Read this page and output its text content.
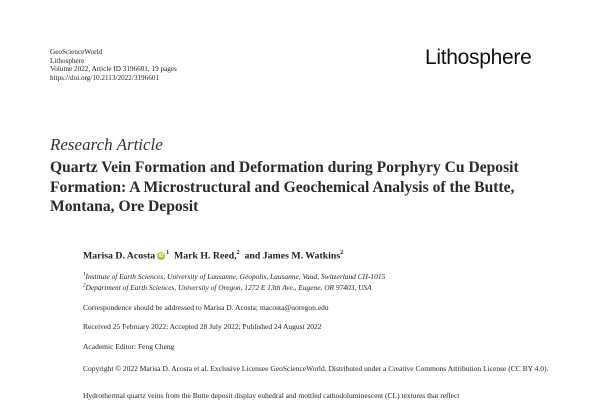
GeoScienceWorld
Lithosphere
Volume 2022, Article ID 3196601, 19 pages
https://doi.org/10.2113/2022/3196601
Lithosphere
Research Article
Quartz Vein Formation and Deformation during Porphyry Cu Deposit Formation: A Microstructural and Geochemical Analysis of the Butte, Montana, Ore Deposit
Marisa D. Acosta $iD^1$ Mark H. Reed,$^2$ and James M. Watkins$^2$
$^1$Institute of Earth Sciences, University of Lausanne, Géopolis, Lausanne, Vaud, Switzerland CH-1015
$^2$Department of Earth Sciences, University of Oregon, 1272 E 13th Ave., Eugene, OR 97403, USA
Correspondence should be addressed to Marisa D. Acosta; macosta@uoregon.edu
Received 25 February 2022; Accepted 28 July 2022; Published 24 August 2022
Academic Editor: Feng Cheng
Copyright © 2022 Marisa D. Acosta et al. Exclusive Licensee GeoScienceWorld. Distributed under a Creative Commons Attribution License (CC BY 4.0).
Hydrothermal quartz veins from the Butte deposit display euhedral and mottled cathodoluminescent (CL) textures that reflect
